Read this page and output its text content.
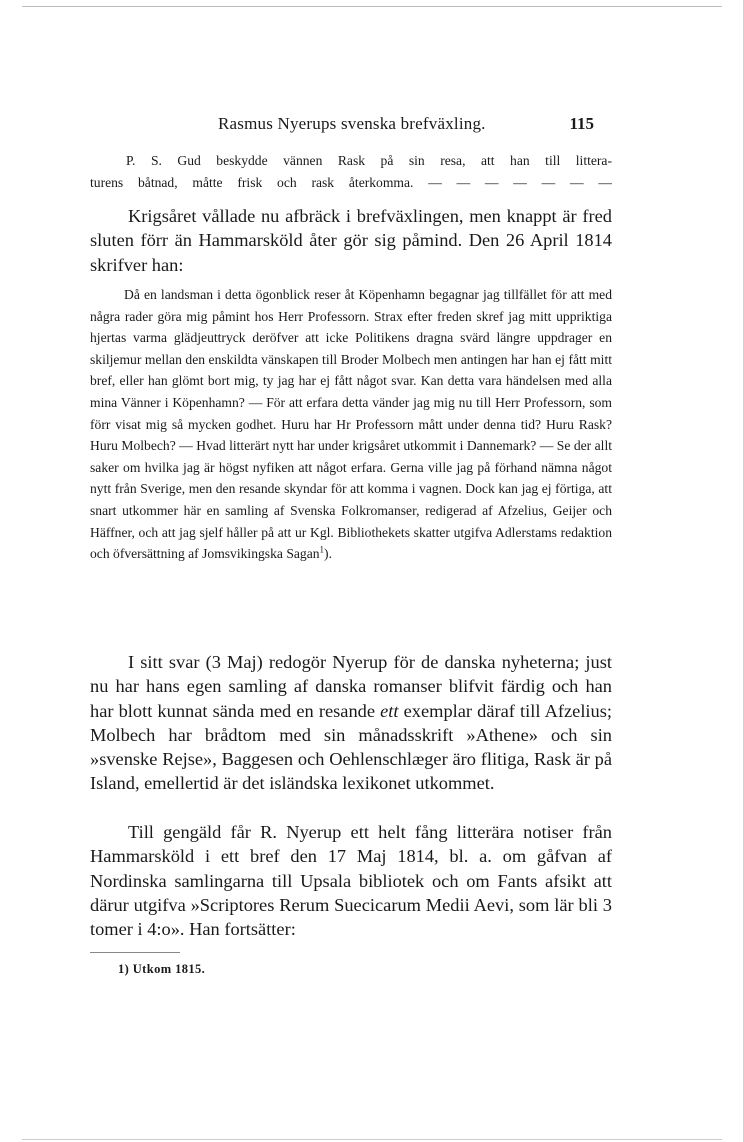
Rasmus Nyerups svenska brefväxling.	115

P. S. Gud beskydde vännen Rask på sin resa, att han till littera-

turens båtnad, måtte frisk och rask återkomma. — — — — — — —

Krigsåret vållade nu afbräck i brefväxlingen, men knappt är fred sluten förr än Hammarsköld åter gör sig påmind. Den 26 April 1814 skrifver han:

Då en landsman i detta ögonblick reser åt Köpenhamn begagnar jag tillfället för att med några rader göra mig påmint hos Herr Professorn. Strax efter freden skref jag mitt uppriktiga hjertas varma glädjeuttryck deröfver att icke Politikens dragna svärd längre uppdrager en skiljemur mellan den enskildta vänskapen till Broder Molbech men antingen har han ej fått mitt bref, eller han glömt bort mig, ty jag har ej fått något svar. Kan detta vara händelsen med alla mina Vänner i Köpenhamn? — För att erfara detta vänder jag mig nu till Herr Professorn, som förr visat mig så mycken godhet. Huru har Hr Professorn mått under denna tid? Huru Rask? Huru Molbech? — Hvad litterärt nytt har under krigsåret utkommit i Dannemark? — Se der allt saker om hvilka jag är högst nyfiken att något erfara. Gerna ville jag på förhand nämna något nytt från Sverige, men den resande skyndar för att komma i vagnen. Dock kan jag ej förtiga, att snart utkommer här en samling af Svenska Folkromanser, redigerad af Afzelius, Geijer och Häffner, och att jag sjelf håller på att ur Kgl. Bibliothekets skatter utgifva Adlerstams redaktion och öfversättning af Jomsvikingska Sagan$^1$).

I sitt svar (3 Maj) redogör Nyerup för de danska nyheterna; just nu har hans egen samling af danska romanser blifvit färdig och han har blott kunnat sända med en resande ett exemplar däraf till Afzelius; Molbech har brådtom med sin månadsskrift »Athene» och sin »svenske Rejse», Baggesen och Oehlenschlæger äro flitiga, Rask är på Island, emellertid är det isländska lexikonet utkommet.

Till gengäld får R. Nyerup ett helt fång litterära notiser från Hammarsköld i ett bref den 17 Maj 1814, bl. a. om gåfvan af Nordinska samlingarna till Upsala bibliotek och om Fants afsikt att därur utgifva »Scriptores Rerum Suecicarum Medii Aevi, som lär bli 3 tomer i 4:o». Han fortsätter:

1) Utkom 1815.
